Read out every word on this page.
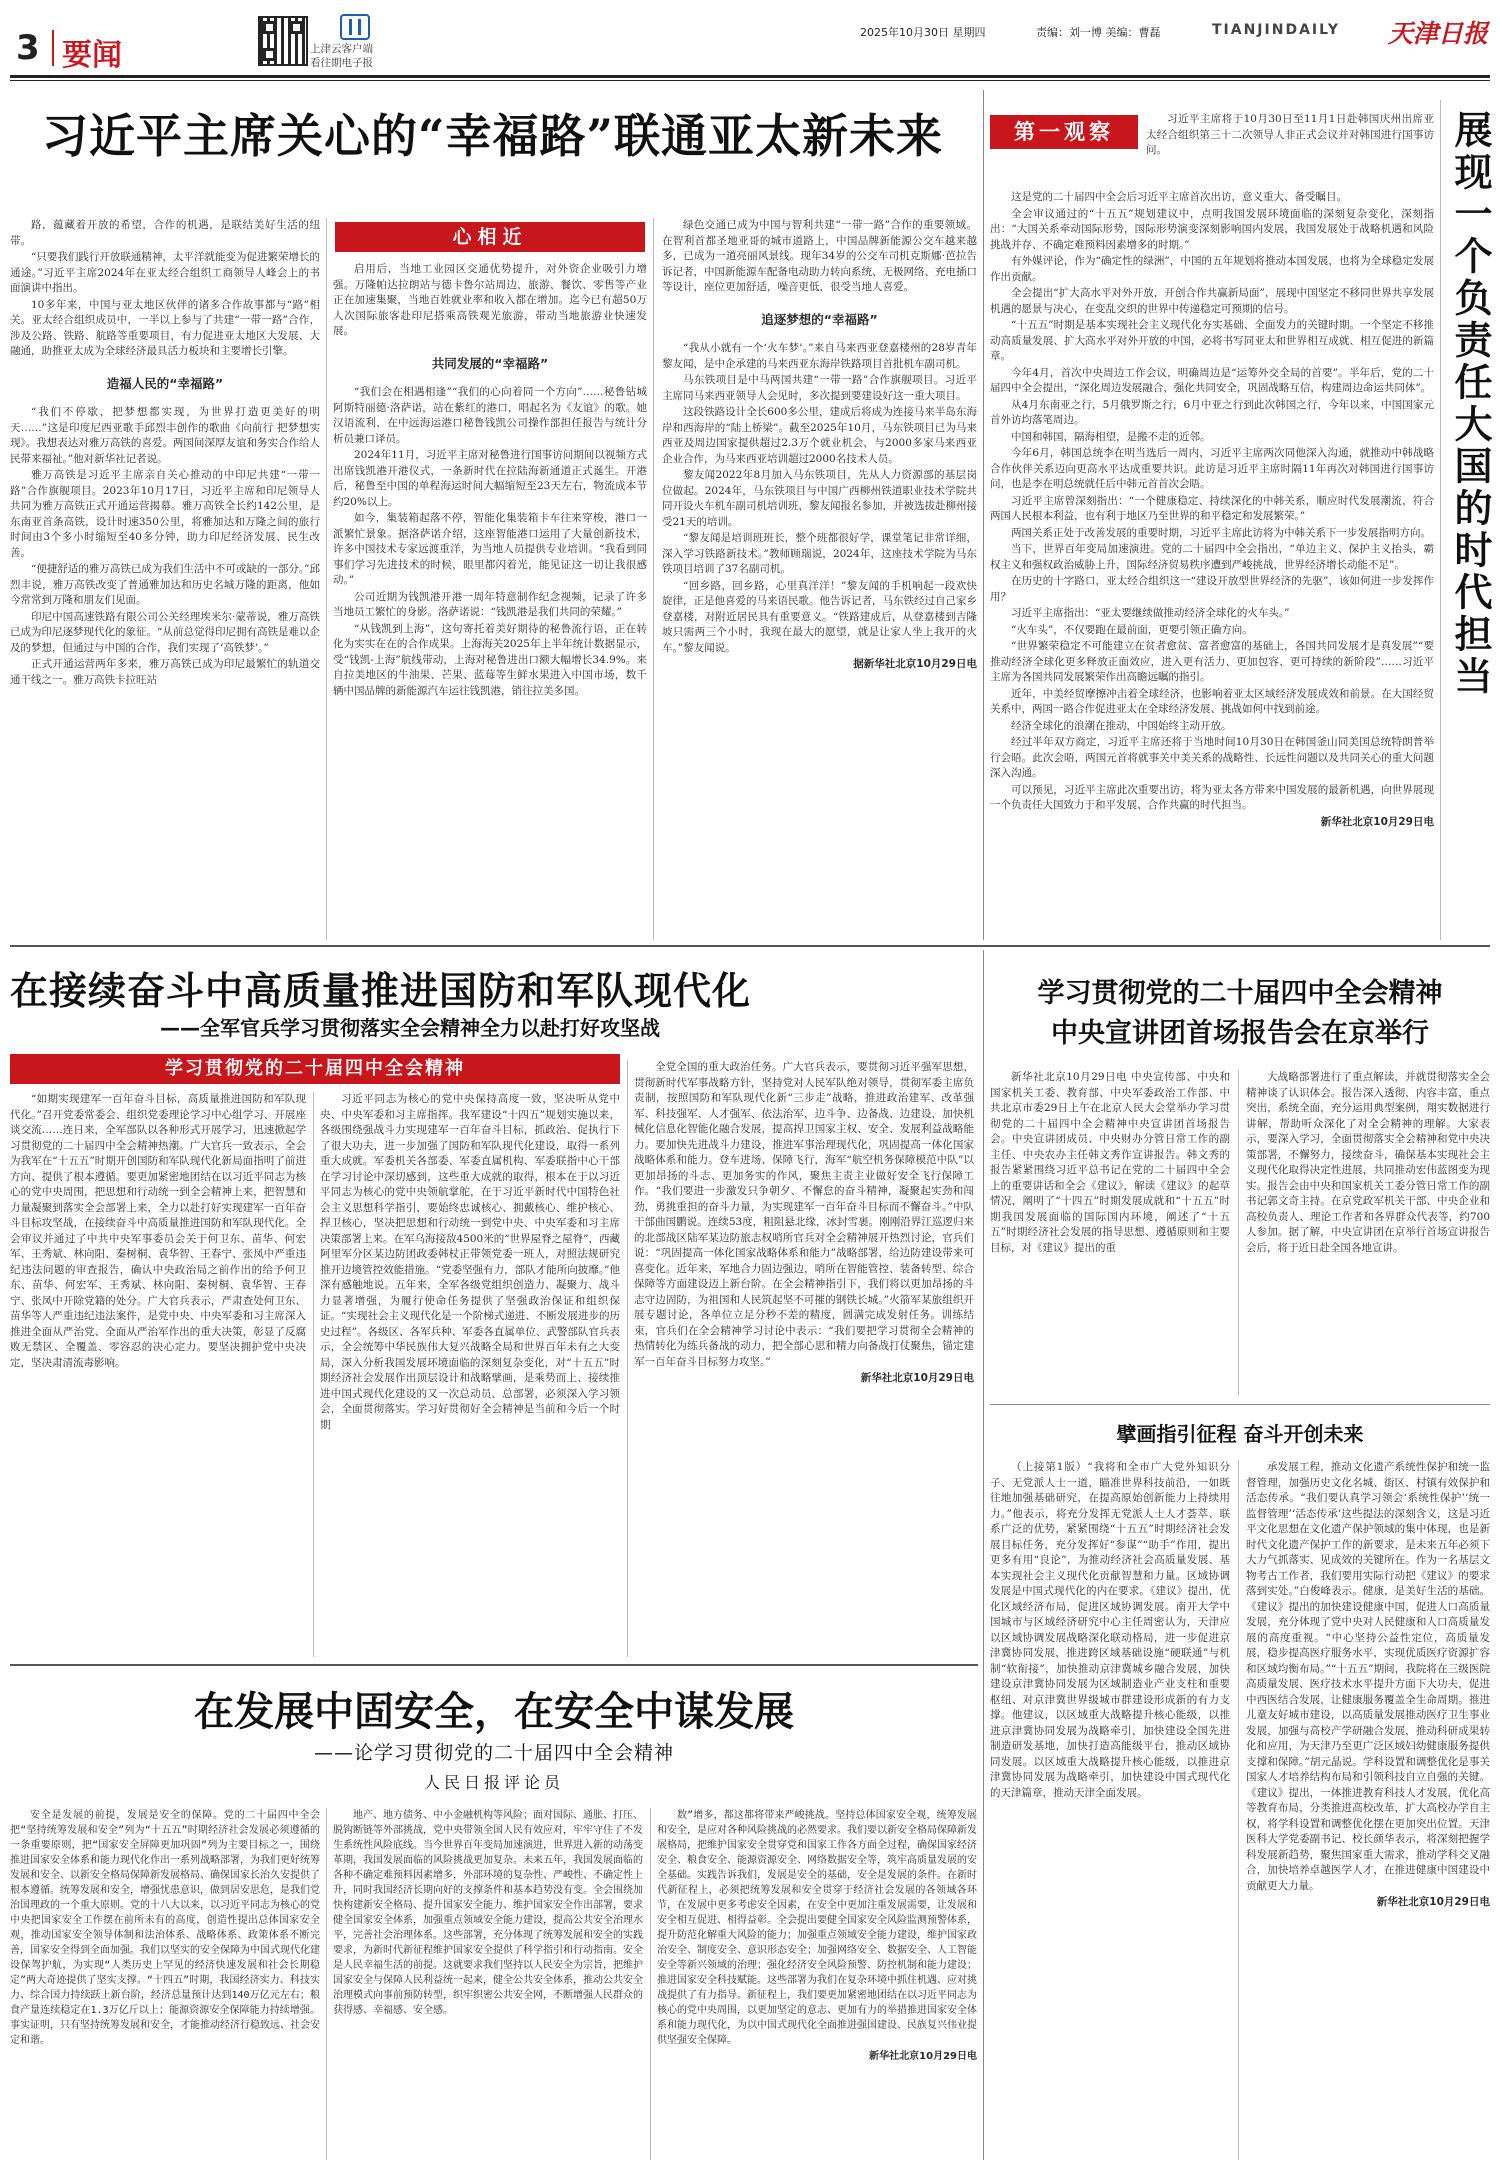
3 要闻	上津云客户端
看往期电子报
2025年10月30日 星期四	责编：刘一博 美编：曹磊	TIANJINDAILY 天津日报
习近平主席关心的“幸福路”联通亚太新未来

路，蕴藏着开放的希望，合作的机遇，是联结美好生活的纽带。

“只要我们践行开放联通精神，太平洋就能变为促进繁荣增长的通途。”习近平主席2024年在亚太经合组织工商领导人峰会上的书面演讲中指出。

10多年来，中国与亚太地区伙伴的诸多合作故事都与“路”相关。亚太经合组织成员中，一半以上参与了共建“一带一路”合作，涉及公路、铁路、航路等重要项目，有力促进亚太地区大发展、大融通，助推亚太成为全球经济最具活力板块和主要增长引擎。

造福人民的“幸福路”

“我们不停歇，把梦想都实现，为世界打造更美好的明天……”这是印度尼西亚歌手邱烈丰创作的歌曲《向前行 把梦想实现》。我想表达对雅万高铁的喜爱。两国间深厚友谊和务实合作给人民带来福祉。”他对新华社记者说。

雅万高铁是习近平主席亲自关心推动的中印尼共建“一带一路”合作旗舰项目。2023年10月17日，习近平主席和印尼领导人共同为雅万高铁正式开通运营揭幕。雅万高铁全长约142公里，是东南亚首条高铁，设计时速350公里，将雅加达和万隆之间的旅行时间由3个多小时缩短至40多分钟，助力印尼经济发展、民生改善。

“便捷舒适的雅万高铁已成为我们生活中不可或缺的一部分。”邱烈丰说，雅万高铁改变了普通雅加达和历史名城万隆的距离，他如今常常到万隆和朋友们见面。

印尼中国高速铁路有限公司公关经理埃米尔·蒙蒂说，雅万高铁已成为印尼逐梦现代化的象征。“从前总觉得印尼拥有高铁是难以企及的梦想，但通过与中国的合作，我们实现了‘高铁梦’。”

正式开通运营两年多来，雅万高铁已成为印尼最繁忙的轨道交通干线之一。雅万高铁卡拉旺站

心相近

启用后，当地工业园区交通优势提升，对外资企业吸引力增强。万隆帕达拉朗站与德卡鲁尔站周边，旅游、餐饮、零售等产业正在加速集聚，当地百姓就业率和收入都在增加。迄今已有超50万人次国际旅客赴印尼搭乘高铁观光旅游，带动当地旅游业快速发展。

共同发展的“幸福路”

“我们会在相遇相逢”“我们的心向着同一个方向”……秘鲁钻城阿斯特丽德·洛萨诺，站在紫红的港口，唱起名为《友谊》的歌。她汉语流利，在中远海运港口秘鲁钱凯公司操作部担任报告与统计分析员兼口译员。

2024年11月，习近平主席对秘鲁进行国事访问期间以视频方式出席钱凯港开港仪式，一条新时代在拉陆海新通道正式诞生。开港后，秘鲁至中国的单程海运时间大幅缩短至23天左右，物流成本节约20%以上。

如今，集装箱起落不停，智能化集装箱卡车往来穿梭，港口一派繁忙景象。据洛萨诺介绍，这座智能港口运用了大量创新技术，许多中国技术专家远渡重洋，为当地人员提供专业培训。“我看到同事们学习先进技术的时候，眼里都闪着光，能见证这一切让我很感动。”

公司近期为钱凯港开港一周年特意制作纪念视频，记录了许多当地员工繁忙的身影。洛萨诺说：“钱凯港是我们共同的荣耀。”

“从钱凯到上海”，这句寄托着美好期待的秘鲁流行语，正在转化为实实在在的合作成果。上海海关2025年上半年统计数据显示，受“钱凯-上海”航线带动，上海对秘鲁进出口额大幅增长34.9%。来自拉美地区的牛油果、芒果、蓝莓等生鲜水果进入中国市场，数千辆中国品牌的新能源汽车运往钱凯港，销往拉美多国。

绿色交通已成为中国与智利共建“一带一路”合作的重要领域。在智利首都圣地亚哥的城市道路上，中国品牌新能源公交车越来越多，已成为一道亮丽风景线。现年34岁的公交车司机克斯娜·芭拉告诉记者，中国新能源车配备电动助力转向系统、无极网络、充电插口等设计，座位更加舒适，噪音更低，很受当地人喜爱。

追逐梦想的“幸福路”

“我从小就有一个‘火车梦’。”来自马来西亚登嘉楼州的28岁青年黎友闻，是中企承建的马来西亚东海岸铁路项目首批机车副司机。

马东铁项目是中马两国共建“一带一路”合作旗舰项目。习近平主席同马来西亚领导人会见时，多次提到要建设好这一重大项目。

这段铁路设计全长600多公里，建成后将成为连接马来半岛东海岸和西海岸的“陆上桥梁”。截至2025年10月，马东铁项目已为马来西亚及周边国家提供超过2.3万个就业机会，与2000多家马来西亚企业合作，为马来西亚培训超过2000名技术人员。

黎友闻2022年8月加入马东铁项目，先从人力资源部的基层岗位做起。2024年，马东铁项目与中国广西柳州铁道职业技术学院共同开设火车机车副司机培训班，黎友闻报名参加，并被选拔赴柳州接受21天的培训。

“黎友闻是培训班班长，整个班都很好学，课堂笔记非常详细，深入学习铁路新技术。”教师顾瑞说，2024年，这座技术学院为马东铁项目培训了37名副司机。

“回乡路，回乡路，心里真洋洋！”黎友闻的手机响起一段欢快旋律，正是他喜爱的马来语民歌。他告诉记者，马东铁经过自己家乡登嘉楼，对附近居民具有重要意义。“铁路建成后，从登嘉楼到吉隆坡只需两三个小时，我现在最大的愿望，就是让家人坐上我开的火车。”黎友闻说。

据新华社北京10月29日电
第一观察	展现一个负责任大国的时代担当

习近平主席将于10月30日至11月1日赴韩国庆州出席亚太经合组织第三十二次领导人非正式会议并对韩国进行国事访问。

这是党的二十届四中全会后习近平主席首次出访，意义重大、备受瞩目。

全会审议通过的“十五五”规划建议中，点明我国发展环境面临的深刻复杂变化，深刻指出：“大国关系牵动国际形势，国际形势演变深刻影响国内发展，我国发展处于战略机遇和风险挑战并存、不确定难预料因素增多的时期。”

有外媒评论，作为“确定性的绿洲”，中国的五年规划将推动本国发展，也将为全球稳定发展作出贡献。

全会提出“扩大高水平对外开放，开创合作共赢新局面”，展现中国坚定不移同世界共享发展机遇的愿景与决心，在变乱交织的世界中传递稳定可预期的信号。

“十五五”时期是基本实现社会主义现代化夯实基础、全面发力的关键时期。一个坚定不移推动高质量发展、扩大高水平对外开放的中国，必将书写同亚太和世界相互成就、相互促进的新篇章。

今年4月，首次中央周边工作会议，明确周边是“运筹外交全局的首要”。半年后，党的二十届四中全会提出，“深化周边发展融合，强化共同安全，巩固战略互信，构建周边命运共同体”。

从4月东南亚之行，5月俄罗斯之行，6月中亚之行到此次韩国之行，今年以来，中国国家元首外访均落笔周边。

中国和韩国，隔海相望，是搬不走的近邻。

今年6月，韩国总统李在明当选后一周内，习近平主席两次同他深入沟通，就推动中韩战略合作伙伴关系迈向更高水平达成重要共识。此访是习近平主席时隔11年再次对韩国进行国事访问，也是李在明总统就任后中韩元首首次会晤。

习近平主席曾深刻指出：“一个健康稳定、持续深化的中韩关系，顺应时代发展潮流，符合两国人民根本利益，也有利于地区乃至世界的和平稳定和发展繁荣。”

两国关系正处于改善发展的重要时期，习近平主席此访将为中韩关系下一步发展指明方向。

当下，世界百年变局加速演进。党的二十届四中全会指出，“单边主义、保护主义抬头，霸权主义和强权政治威胁上升，国际经济贸易秩序遭到严峻挑战，世界经济增长动能不足”。

在历史的十字路口，亚太经合组织这一“建设开放型世界经济的先驱”，该如何进一步发挥作用？

习近平主席指出：“亚太要继续做推动经济全球化的火车头。”

“火车头”，不仅要跑在最前面，更要引领正确方向。

“世界繁荣稳定不可能建立在贫者愈贫、富者愈富的基础上，各国共同发展才是真发展”“要推动经济全球化更多释放正面效应，进入更有活力、更加包容、更可持续的新阶段”……习近平主席为各国共同发展繁荣作出高瞻远瞩的指引。

近年，中美经贸摩擦冲击着全球经济，也影响着亚太区域经济发展成效和前景。在大国经贸关系中，两国一路合作促进亚太在全球经济发展、挑战如何中找到前途。

经济全球化的浪潮在推动，中国始终主动开放。

经过半年双方商定，习近平主席还将于当地时间10月30日在韩国釜山同美国总统特朗普举行会晤。此次会晤，两国元首将就事关中美关系的战略性、长远性问题以及共同关心的重大问题深入沟通。

可以预见，习近平主席此次重要出访，将为亚太各方带来中国发展的最新机遇，向世界展现一个负责任大国致力于和平发展、合作共赢的时代担当。

新华社北京10月29日电
在接续奋斗中高质量推进国防和军队现代化
——全军官兵学习贯彻落实全会精神全力以赴打好攻坚战
学习贯彻党的二十届四中全会精神

“如期实现建军一百年奋斗目标，高质量推进国防和军队现代化。”召开党委常委会、组织党委理论学习中心组学习、开展座谈交流……连日来，全军部队以各种形式开展学习，迅速掀起学习贯彻党的二十届四中全会精神热潮。广大官兵一致表示，全会为我军在“十五五”时期开创国防和军队现代化新局面指明了前进方向、提供了根本遵循。要更加紧密地团结在以习近平同志为核心的党中央周围，把思想和行动统一到全会精神上来，把智慧和力量凝聚到落实全会部署上来，全力以赴打好实现建军一百年奋斗目标攻坚战，在接续奋斗中高质量推进国防和军队现代化。全会审议并通过了中共中央军事委员会关于何卫东、苗华、何宏军、王秀斌、林向阳、秦树桐、袁华智、王春宁、张凤中严重违纪违法问题的审查报告，确认中央政治局之前作出的给予何卫东、苗华、何宏军、王秀斌、林向阳、秦树桐、袁华智、王春宁、张凤中开除党籍的处分。广大官兵表示，严肃查处何卫东、苗华等人严重违纪违法案件，是党中央、中央军委和习主席深入推进全面从严治党、全面从严治军作出的重大决策，彰显了反腐败无禁区、全覆盖、零容忍的决心定力。要坚决拥护党中央决定，坚决肃清流毒影响。

习近平同志为核心的党中央保持高度一致，坚决听从党中央、中央军委和习主席指挥。我军建设“十四五”规划实施以来，各级围绕强战斗力实现建军一百年奋斗目标，抓政治、促执行下了很大功夫，进一步加强了国防和军队现代化建设，取得一系列重大成就。军委机关各部委、军委直属机构、军委联指中心干部在学习讨论中深切感到，这些重大成就的取得，根本在于以习近平同志为核心的党中央领航掌舵，在于习近平新时代中国特色社会主义思想科学指引，要始终忠诚核心、拥戴核心、维护核心、捍卫核心，坚决把思想和行动统一到党中央、中央军委和习主席决策部署上来。在军乌海接敌4500米的“世界屋脊之屋脊”，西藏阿里军分区某边防团政委韩杖正带领党委一班人，对照法规研究推开边境管控效能措施。“党委坚强有力，部队才能所向披靡。”他深有感触地说。五年来，全军各级党组织创造力、凝聚力、战斗力显著增强，为履行使命任务提供了坚强政治保证和组织保证。“实现社会主义现代化是一个阶梯式递进、不断发展进步的历史过程”。各级区、各军兵种、军委各直属单位、武警部队官兵表示，全会统筹中华民族伟大复兴战略全局和世界百年未有之大变局，深入分析我国发展环境面临的深刻复杂变化，对“十五五”时期经济社会发展作出顶层设计和战略擘画，是乘势而上、接续推进中国式现代化建设的又一次总动员、总部署，必须深入学习领会，全面贯彻落实。学习好贯彻好全会精神是当前和今后一个时期

全党全国的重大政治任务。广大官兵表示，要贯彻习近平强军思想，贯彻新时代军事战略方针，坚持党对人民军队绝对领导，贯彻军委主席负责制，按照国防和军队现代化新“三步走”战略，推进政治建军、改革强军、科技强军、人才强军、依法治军，边斗争、边备战、边建设，加快机械化信息化智能化融合发展，提高捍卫国家主权、安全、发展利益战略能力。要加快先进战斗力建设，推进军事治理现代化，巩固提高一体化国家战略体系和能力。登车进场、保障飞行，海军“航空机务保障模范中队”以更加昂扬的斗志、更加务实的作风，聚焦主责主业做好安全飞行保障工作。“我们要进一步激发只争朝夕、不懈怠的奋斗精神，凝聚起实劲和闯劲，勇挑重担的奋斗力量，为实现建军一百年奋斗目标而不懈奋斗。”中队干部曲国鹏说。连续53度，粗阻悬北缘，冰封雪裹。刚刚沿界江巡逻归来的北部战区陆军某边防旅志权哨所官兵对全会精神展开热烈讨论，官兵们说：“巩固提高一体化国家战略体系和能力”战略部署，给边防建设带来可喜变化。近年来，军地合力固边强边，哨所在智能管控、装备转型、综合保障等方面建设迈上新台阶。在全会精神指引下，我们将以更加昂扬的斗志守边固防，为祖国和人民筑起坚不可摧的钢铁长城。”火箭军某旅组织开展专题讨论，各单位立足分秒不差的精度，圆满完成发射任务。训练结束，官兵们在全会精神学习讨论中表示：“我们要把学习贯彻全会精神的热情转化为练兵备战的动力，把全部心思和精力向备战打仗聚焦，锚定建军一百年奋斗目标努力攻坚。”

新华社北京10月29日电
学习贯彻党的二十届四中全会精神
中央宣讲团首场报告会在京举行

新华社北京10月29日电 中央宣传部、中央和国家机关工委、教育部、中央军委政治工作部、中共北京市委29日上午在北京人民大会堂举办学习贯彻党的二十届四中全会精神中央宣讲团首场报告会。中央宣讲团成员、中央财办分管日常工作的副主任、中央农办主任韩文秀作宣讲报告。韩文秀的报告紧紧围绕习近平总书记在党的二十届四中全会上的重要讲话和全会《建议》，解读《建议》的起草情况，阐明了“十四五”时期发展成就和“十五五”时期我国发展面临的国际国内环境，阐述了“十五五”时期经济社会发展的指导思想、遵循原则和主要目标，对《建议》提出的重

大战略部署进行了重点解读，并就贯彻落实全会精神谈了认识体会。报告深入透彻，内容丰富，重点突出，系统全面，充分运用典型案例，翔实数据进行讲解，帮助听众深化了对全会精神的理解。大家表示，要深入学习，全面贯彻落实全会精神和党中央决策部署，不懈努力，接续奋斗，确保基本实现社会主义现代化取得决定性进展，共同推动宏伟蓝图变为现实。报告会由中央和国家机关工委分管日常工作的副书记郭文奇主持。在京党政军机关干部、中央企业和高校负责人、理论工作者和各界群众代表等，约700人参加。据了解，中央宣讲团在京举行首场宣讲报告会后，将于近日赴全国各地宣讲。

擘画指引征程 奋斗开创未来

（上接第1版）“我将和全市广大党外知识分子、无党派人士一道，瞄准世界科技前沿，一如既往地加强基础研究，在提高原始创新能力上持续用力。”他表示，将充分发挥无党派人士人才荟萃、联系广泛的优势，紧紧围绕“十五五”时期经济社会发展目标任务，充分发挥好“参谋”“助手”作用，提出更多有用“良论”，为推动经济社会高质量发展、基本实现社会主义现代化贡献智慧和力量。区域协调发展是中国式现代化的内在要求。《建议》提出，优化区域经济布局，促进区域协调发展。南开大学中国城市与区域经济研究中心主任周密认为，天津应以区域协调发展战略深化联动格局，进一步促进京津冀协同发展，推进跨区域基础设施“硬联通”与机制“软衔接”，加快推动京津冀城乡融合发展，加快建设京津冀协同发展为区域制造业产业支柱和重要枢纽、对京津冀世界级城市群建设形成新的有力支撑。他建议，以区域重大战略提升核心能级，以推进京津冀协同发展为战略牵引，加快建设全国先进制造研发基地，加快打造高能级平台，推动区域协同发展。以区域重大战略提升核心能级，以推进京津冀协同发展为战略牵引，加快建设中国式现代化的天津篇章，推动天津全面发展。

承发展工程，推动文化遗产系统性保护和统一监督管理，加强历史文化名城、街区、村镇有效保护和活态传承。“我们要认真学习领会‘系统性保护’‘统一监督管理’‘活态传承’这些提法的深刻含义，这是习近平文化思想在文化遗产保护领域的集中体现，也是新时代文化遗产保护工作的新要求，是未来五年必须下大力气抓落实、见成效的关键所在。作为一名基层文物考古工作者，我们要用实际行动把《建议》的要求落到实处。”白俊峰表示。健康，是美好生活的基础。《建议》提出的加快建设健康中国，促进人口高质量发展，充分体现了党中央对人民健康和人口高质量发展的高度重视。“中心坚持公益性定位，高质量发展，稳步提高医疗服务水平，实现优质医疗资源扩容和区域均衡布局。”“十五五”期间，我院将在三级医院高质量发展、医疗技术水平提升方面下大功夫，促进中西医结合发展，让健康服务覆盖全生命周期。推进儿童友好城市建设，以高质量发展推动医疗卫生事业发展，加强与高校产学研融合发展，推动科研成果转化和应用，为天津乃至更广泛区域妇幼健康服务提供支撑和保障。”胡元晶说。学科设置和调整优化是事关国家人才培养结构布局和引领科技自立自强的关键。《建议》提出，一体推进教育科技人才发展，优化高等教育布局，分类推进高校改革，扩大高校办学自主权，将学科设置和调整优化摆在更加突出位置。天津医科大学党委副书记、校长颜华表示，将深刻把握学科发展新趋势，聚焦国家重大需求，推动学科交叉融合，加快培养卓越医学人才，在推进健康中国建设中贡献更大力量。

新华社北京10月29日电
在发展中固安全，在安全中谋发展
——论学习贯彻党的二十届四中全会精神
人民日报评论员

安全是发展的前提，发展是安全的保障。党的二十届四中全会把“坚持统筹发展和安全”列为“十五五”时期经济社会发展必须遵循的一条重要原则，把“国家安全屏障更加巩固”列为主要目标之一，围绕推进国家安全体系和能力现代化作出一系列战略部署，为我们更好统筹发展和安全、以新安全格局保障新发展格局、确保国家长治久安提供了根本遵循。统筹发展和安全，增强忧患意识，做到居安思危，是我们党治国理政的一个重大原则。党的十八大以来，以习近平同志为核心的党中央把国家安全工作摆在前所未有的高度，创造性提出总体国家安全观，推动国家安全领导体制和法治体系、战略体系、政策体系不断完善，国家安全得到全面加强。我们以坚实的安全保障为中国式现代化建设保驾护航，为实现“人类历史上罕见的经济快速发展和社会长期稳定”两大奇迹提供了坚实支撑。“十四五”时期，我国经济实力、科技实力、综合国力持续跃上新台阶，经济总量预计达到140万亿元左右；粮食产量连续稳定在1.3万亿斤以上；能源资源安全保障能力持续增强。事实证明，只有坚持统筹发展和安全，才能推动经济行稳致远、社会安定和谐。

地产、地方债务、中小金融机构等风险；面对国际、通胀、打压、脱钩断链等外部挑战，党中央带领全国人民有效应对，牢牢守住了不发生系统性风险底线。当今世界百年变局加速演进，世界进入新的动荡变革期，我国发展面临的风险挑战更加复杂。未来五年，我国发展面临的各种不确定难预料因素增多，外部环境的复杂性、严峻性、不确定性上升，同时我国经济长期向好的支撑条件和基本趋势没有变。全会围绕加快构建新安全格局、提升国家安全能力、维护国家安全作出部署，要求健全国家安全体系，加强重点领域安全能力建设，提高公共安全治理水平，完善社会治理体系。这些部署，充分体现了统筹发展和安全的实践要求，为新时代新征程维护国家安全提供了科学指引和行动指南。安全是人民幸福生活的前提。这就要求我们坚持以人民安全为宗旨，把维护国家安全与保障人民利益统一起来，健全公共安全体系，推动公共安全治理模式向事前预防转型，织牢织密公共安全网，不断增强人民群众的获得感、幸福感、安全感。

数”增多，都这都将带来严峻挑战。坚持总体国家安全观，统筹发展和安全，是应对各种风险挑战的必然要求。我们要以新安全格局保障新发展格局，把维护国家安全贯穿党和国家工作各方面全过程，确保国家经济安全、粮食安全、能源资源安全、网络数据安全等，筑牢高质量发展的安全基础。实践告诉我们，发展是安全的基础，安全是发展的条件。在新时代新征程上，必须把统筹发展和安全贯穿于经济社会发展的各领域各环节，在发展中更多考虑安全因素，在安全中更加注重发展需要，让发展和安全相互促进、相得益彰。全会提出要健全国家安全风险监测预警体系，提升防范化解重大风险的能力；加强重点领域安全能力建设，维护国家政治安全、制度安全、意识形态安全；加强网络安全、数据安全、人工智能安全等新兴领域的治理；强化经济安全风险预警、防控机制和能力建设；推进国家安全科技赋能。这些部署为我们在复杂环境中抓住机遇、应对挑战提供了有力指导。新征程上，我们要更加紧密地团结在以习近平同志为核心的党中央周围，以更加坚定的意志、更加有力的举措推进国家安全体系和能力现代化，为以中国式现代化全面推进强国建设、民族复兴伟业提供坚强安全保障。

新华社北京10月29日电
